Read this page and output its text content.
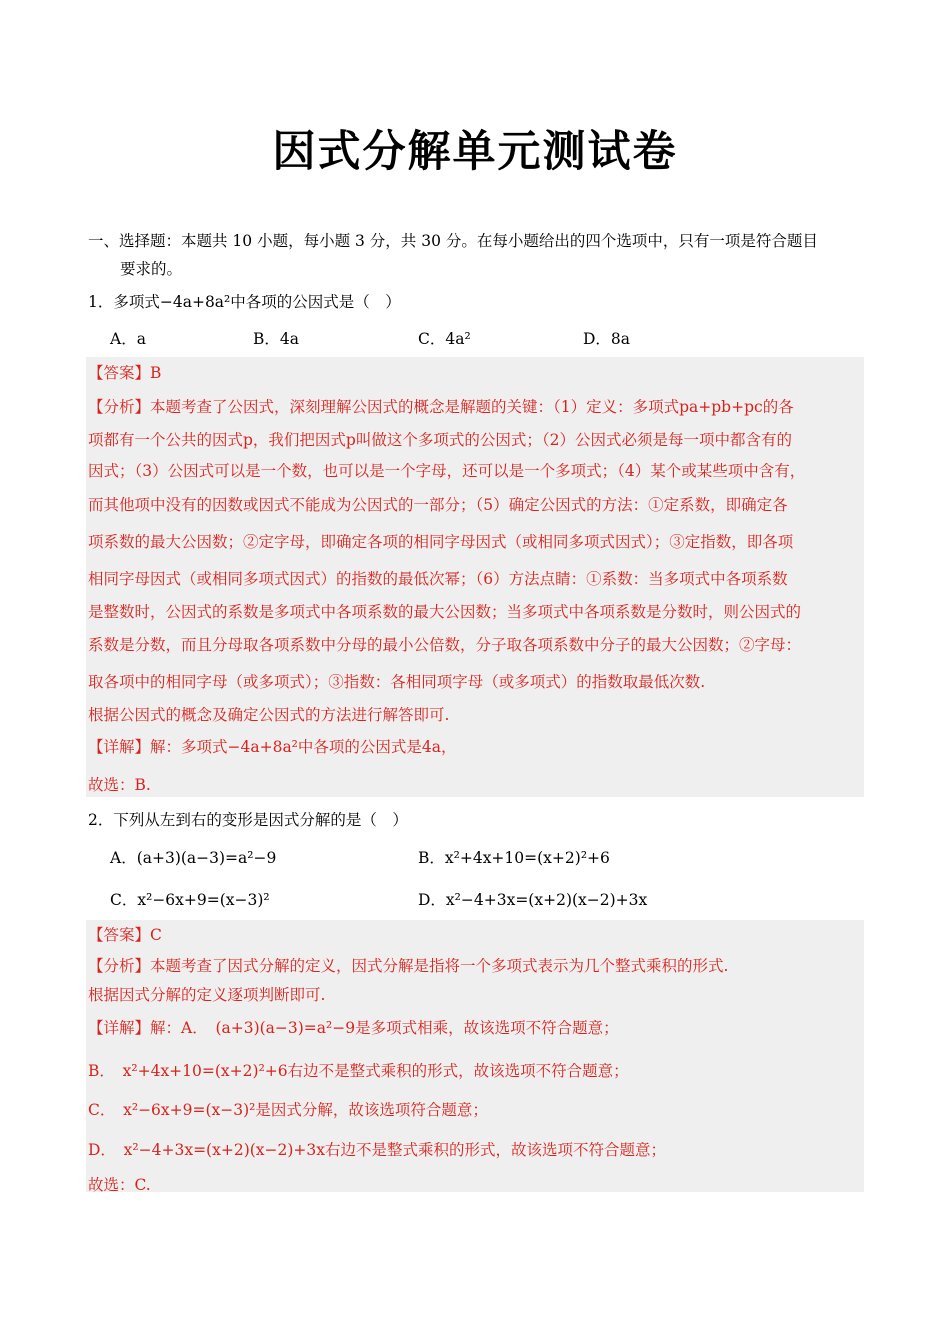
因式分解单元测试卷
一、选择题：本题共 10 小题，每小题 3 分，共 30 分。在每小题给出的四个选项中，只有一项是符合题目
要求的。
1．多项式−4a+8a²中各项的公因式是（　）
A．a	B．4a	C．4a²	D．8a
【答案】B
【分析】本题考查了公因式，深刻理解公因式的概念是解题的关键：（1）定义：多项式pa+pb+pc的各
项都有一个公共的因式p，我们把因式p叫做这个多项式的公因式；（2）公因式必须是每一项中都含有的
因式；（3）公因式可以是一个数，也可以是一个字母，还可以是一个多项式；（4）某个或某些项中含有，
而其他项中没有的因数或因式不能成为公因式的一部分；（5）确定公因式的方法：①定系数，即确定各
项系数的最大公因数；②定字母，即确定各项的相同字母因式（或相同多项式因式）；③定指数，即各项
相同字母因式（或相同多项式因式）的指数的最低次幂；（6）方法点睛：①系数：当多项式中各项系数
是整数时，公因式的系数是多项式中各项系数的最大公因数；当多项式中各项系数是分数时，则公因式的
系数是分数，而且分母取各项系数中分母的最小公倍数，分子取各项系数中分子的最大公因数；②字母：
取各项中的相同字母（或多项式）；③指数：各相同项字母（或多项式）的指数取最低次数.
根据公因式的概念及确定公因式的方法进行解答即可.
【详解】解：多项式−4a+8a²中各项的公因式是4a，
故选：B.
2．下列从左到右的变形是因式分解的是（　）
A．(a+3)(a−3)=a²−9	B．x²+4x+10=(x+2)²+6
C．x²−6x+9=(x−3)²	D．x²−4+3x=(x+2)(x−2)+3x
【答案】C
【分析】本题考查了因式分解的定义，因式分解是指将一个多项式表示为几个整式乘积的形式.
根据因式分解的定义逐项判断即可.
【详解】解：A．　(a+3)(a−3)=a²−9是多项式相乘，故该选项不符合题意；
B．　x²+4x+10=(x+2)²+6右边不是整式乘积的形式，故该选项不符合题意；
C．　x²−6x+9=(x−3)²是因式分解，故该选项符合题意；
D．　x²−4+3x=(x+2)(x−2)+3x右边不是整式乘积的形式，故该选项不符合题意；
故选：C.
